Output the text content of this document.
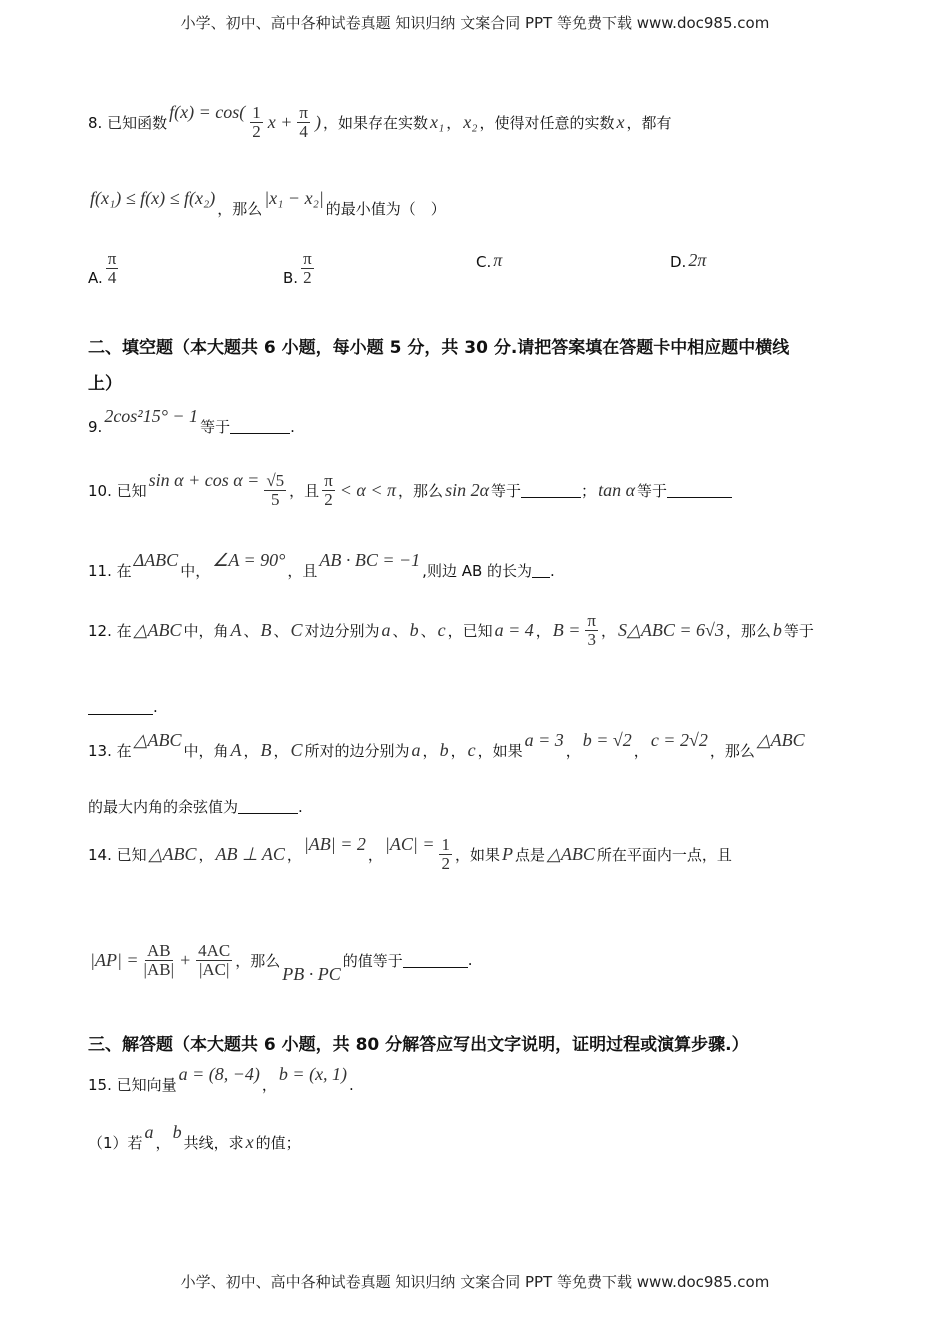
小学、初中、高中各种试卷真题 知识归纳 文案合同 PPT 等免费下载 www.doc985.com
8. 已知函数
$f(x) = \cos( \frac{1}{2}$ $x + \frac{\pi}{4}$ ) ，如果存在实数 x₁ ， x₂ ，使得对任意的实数 x ，都有
f(x₁) ≤ f(x) ≤ f(x₂)
，那么
|x₁ − x₂|
的最小值为（　）
9.
2cos²15° − 1
等于	.
10. 已知
$\sin \alpha + \cos \alpha = \frac{√5}{5}$ ，且 $\frac{\pi}{2} < \alpha < \pi$ ，那么 sin 2α 等于	； tan α 等于
11. 在
ΔABC
中，
∠A = 90°
，且
AB · BC = −1
,则边 AB 的长为 .
12. 在 △ABC 中，角 A 、 B 、 C 对边分别为 a 、 b 、 c ，已知 a = 4 ， $B = \frac{\pi}{3}$ ， S△ABC = 6√3 ，那么 b 等于
.
13. 在
△ABC
中，角 A ， B ， C 所对的边分别为 a ， b ， c ，如果
a = 3
，
b = √2
，
c = 2√2
，那么
△ABC
的最大内角的余弦值为	.
14. 已知 △ABC ， AB ⊥ AC ，
|AB| = 2
，
$|AC| = \frac{1}{2}$ ，如果 P 点是 △ABC 所在平面内一点，且
$|AP| = \frac{AB}{|AB|} + \frac{4AC}{|AC|}$ ，那么
PB · PC
的值等于	.
15. 已知向量
a = (8, −4)
，
b = (x, 1)
.
（1）若
a
，
b
共线，求 x 的值；
A. $\frac{\pi}{4}$	B. $\frac{\pi}{2}$	C. π	D. 2π
二、填空题（本大题共 6 小题，每小题 5 分，共 30 分.请把答案填在答题卡中相应题中横线
上）
三、解答题（本大题共 6 小题，共 80 分解答应写出文字说明，证明过程或演算步骤.）
小学、初中、高中各种试卷真题 知识归纳 文案合同 PPT 等免费下载 www.doc985.com
